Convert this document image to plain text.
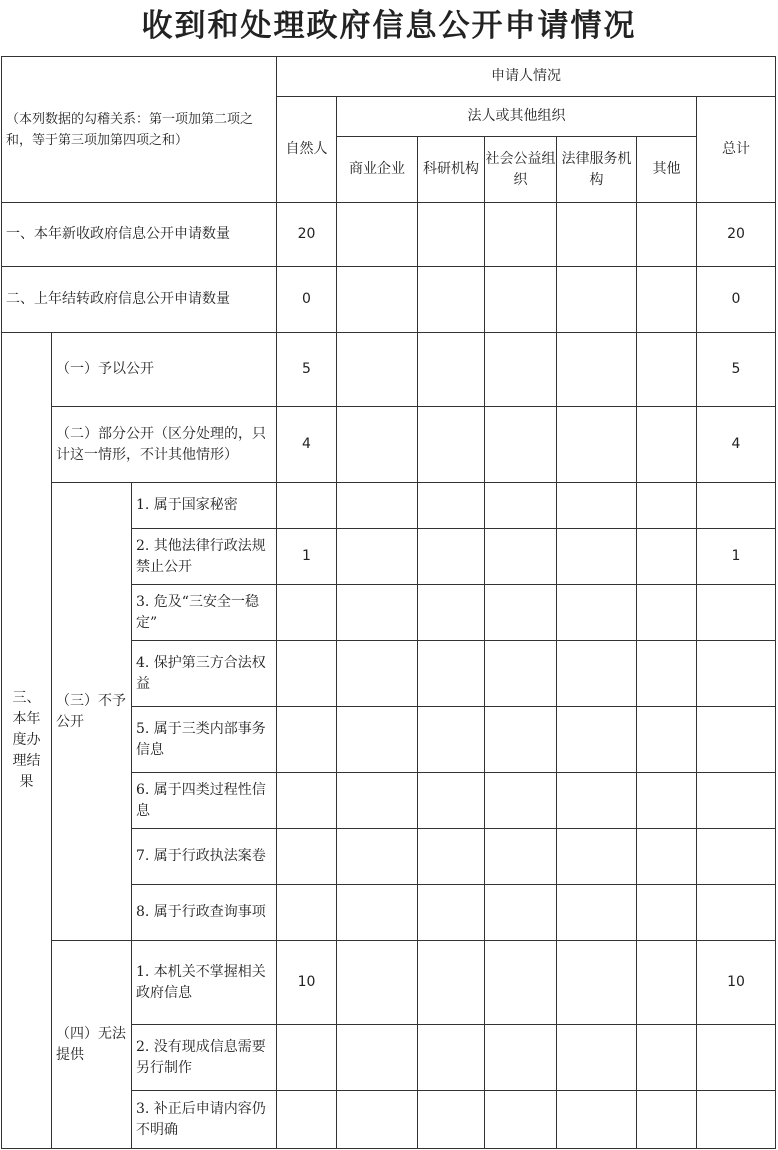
收到和处理政府信息公开申请情况
（本列数据的勾稽关系：第一项加第二项之和，等于第三项加第四项之和）			申请人情况						
			自然人	法人或其他组织					总计
				商业企业	科研机构	社会公益组织	法律服务机构	其他	
一、本年新收政府信息公开申请数量			20						20
二、上年结转政府信息公开申请数量			0						0
三、本年度办理结果	（一）予以公开		5						5
	（二）部分公开（区分处理的，只计这一情形，不计其他情形）		4						4
	（三）不予公开	1. 属于国家秘密							
		2. 其他法律行政法规禁止公开	1						1
		3. 危及“三安全一稳定”							
		4. 保护第三方合法权益							
		5. 属于三类内部事务信息							
		6. 属于四类过程性信息							
		7. 属于行政执法案卷							
		8. 属于行政查询事项							
	（四）无法提供	1. 本机关不掌握相关政府信息	10						10
		2. 没有现成信息需要另行制作							
		3. 补正后申请内容仍不明确							
